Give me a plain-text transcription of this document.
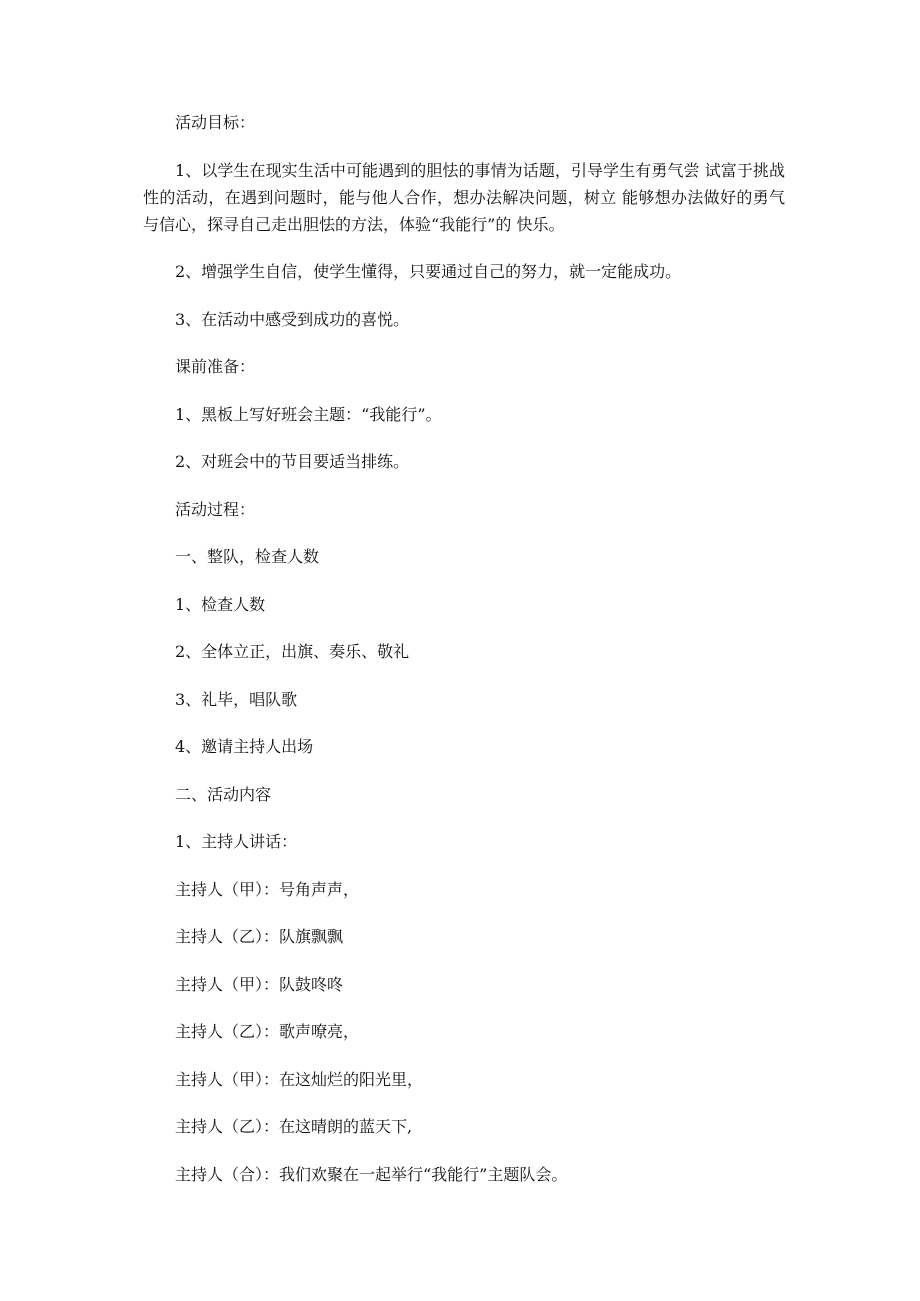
活动目标：

1、以学生在现实生活中可能遇到的胆怯的事情为话题，引导学生有勇气尝 试富于挑战性的活动，在遇到问题时，能与他人合作，想办法解决问题，树立 能够想办法做好的勇气与信心，探寻自己走出胆怯的方法，体验“我能行”的 快乐。

2、增强学生自信，使学生懂得，只要通过自己的努力，就一定能成功。

3、在活动中感受到成功的喜悦。

课前准备：

1、黑板上写好班会主题：“我能行”。

2、对班会中的节目要适当排练。

活动过程：

一、整队，检查人数

1、检查人数

2、全体立正，出旗、奏乐、敬礼

3、礼毕，唱队歌

4、邀请主持人出场

二、活动内容

1、主持人讲话：

主持人（甲）：号角声声，

主持人（乙）：队旗飘飘

主持人（甲）：队鼓咚咚

主持人（乙）：歌声嘹亮，

主持人（甲）：在这灿烂的阳光里，

主持人（乙）：在这晴朗的蓝天下,

主持人（合）：我们欢聚在一起举行“我能行”主题队会。
